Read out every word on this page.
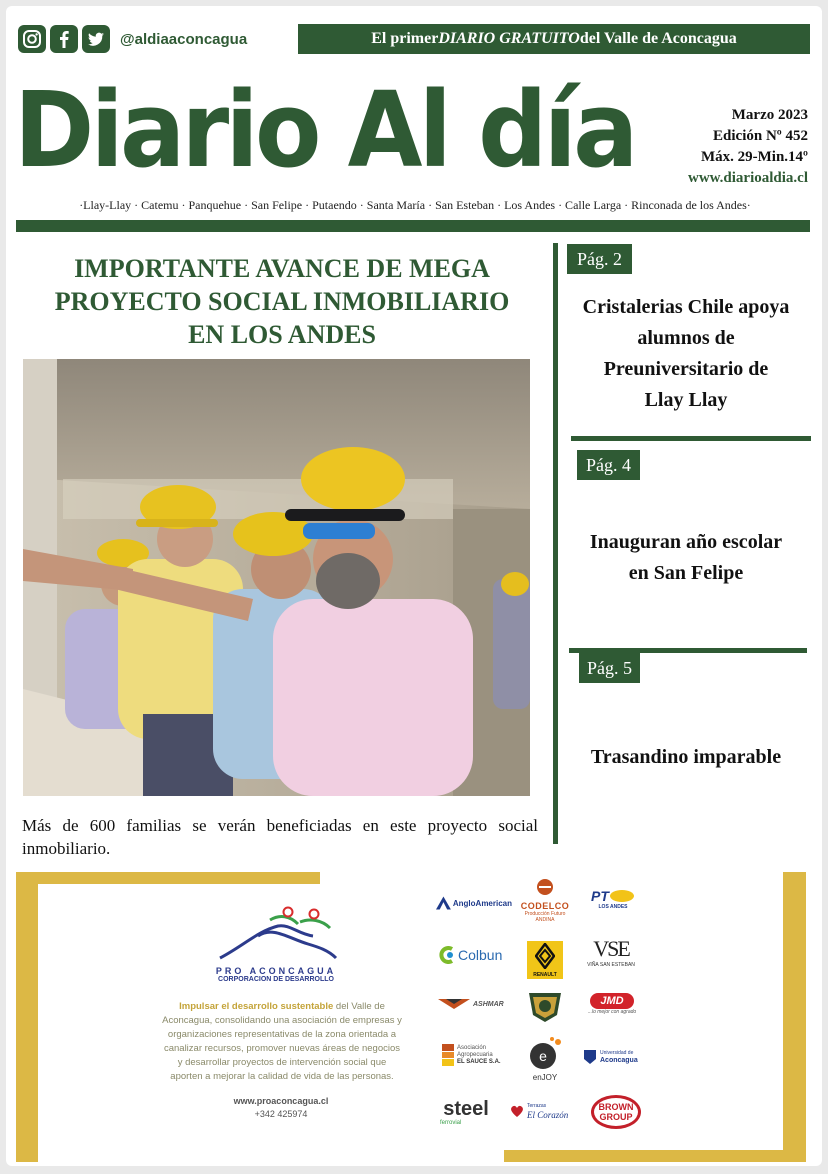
@aldiaaconcagua	El primer DIARIO GRATUITO del Valle de Aconcagua
Diario Al día	Marzo 2023
Edición Nº 452
Máx. 29-Min.14º
www.diarioaldia.cl
·Llay-Llay · Catemu · Panquehue · San Felipe · Putaendo · Santa María · San Esteban · Los Andes · Calle Larga · Rinconada de los Andes·
IMPORTANTE AVANCE DE MEGA
PROYECTO SOCIAL INMOBILIARIO
EN LOS ANDES
Más de 600 familias se verán beneficiadas en este proyecto social inmobiliario.
Pág. 2
Cristalerias Chile apoya
alumnos de
Preuniversitario de
Llay Llay
Pág. 4
Inauguran año escolar
en San Felipe
Pág. 5
Trasandino imparable
PRO ACONCAGUA
CORPORACION DE DESARROLLO
Impulsar el desarrollo sustentable del Valle de
Aconcagua, consolidando una asociación de empresas y
organizaciones representativas de la zona orientada a
canalizar recursos, promover nuevas áreas de negocios
y desarrollar proyectos de intervención social que
aporten a mejorar la calidad de vida de las personas.
www.proaconcagua.cl
+342 425974
AngloAmerican CODELCO
Producción Futuro ANDINA
PT
LOS ANDES
Colbun
RENAULT
VSE
VIÑA SAN ESTEBAN
ASHMAR	JMD
...lo mejor con agrado
Asociación
Agropecuaria
EL SAUCE S.A.	e
enJOY
Universidad de
Aconcagua
steel
ferrovial
Terrazas
El Corazón
BROWN
GROUP
